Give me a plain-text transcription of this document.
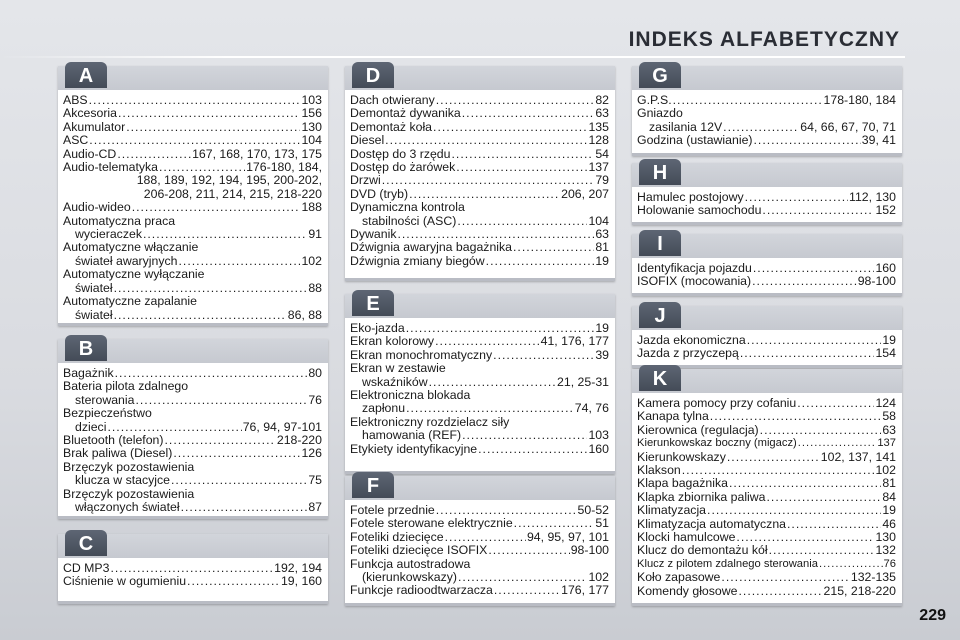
INDEKS ALFABETYCZNY
A
ABS .....	103
Akcesoria .....	156
Akumulator .....	130
ASC .....	104
Audio-CD .....	167, 168, 170, 173, 175
Audio-telematyka .....	176-180, 184,
188, 189, 192, 194, 195, 200-202,
206-208, 211, 214, 215, 218-220
Audio-wideo .....	188
Automatyczna praca
wycieraczek .....	91
Automatyczne włączanie
świateł awaryjnych .....	102
Automatyczne wyłączanie
świateł .....	88
Automatyczne zapalanie
świateł .....	86, 88
B
Bagażnik .....	80
Bateria pilota zdalnego
sterowania .....	76
Bezpieczeństwo
dzieci .....	76, 94, 97-101
Bluetooth (telefon) .....	218-220
Brak paliwa (Diesel) .....	126
Brzęczyk pozostawienia
klucza w stacyjce .....	75
Brzęczyk pozostawienia
włączonych świateł .....	87
C
CD MP3 .....	192, 194
Ciśnienie w ogumieniu .....	19, 160
D
Dach otwierany .....	82
Demontaż dywanika .....	63
Demontaż koła .....	135
Diesel .....	128
Dostęp do 3 rzędu .....	54
Dostęp do żarówek .....	137
Drzwi .....	79
DVD (tryb) .....	206, 207
Dynamiczna kontrola
stabilności (ASC) .....	104
Dywanik .....	63
Dźwignia awaryjna bagażnika .....	81
Dźwignia zmiany biegów .....	19
E
Eko-jazda .....	19
Ekran kolorowy .....	41, 176, 177
Ekran monochromatyczny .....	39
Ekran w zestawie
wskaźników .....	21, 25-31
Elektroniczna blokada
zapłonu .....	74, 76
Elektroniczny rozdzielacz siły
hamowania (REF) .....	103
Etykiety identyfikacyjne .....	160
F
Fotele przednie .....	50-52
Fotele sterowane elektrycznie .....	51
Foteliki dziecięce .....	94, 95, 97, 101
Foteliki dziecięce ISOFIX .....	98-100
Funkcja autostradowa
(kierunkowskazy) .....	102
Funkcje radioodtwarzacza .....	176, 177
G
G.P.S. .....	178-180, 184
Gniazdo
zasilania 12V .....	64, 66, 67, 70, 71
Godzina (ustawianie) .....	39, 41
H
Hamulec postojowy .....	112, 130
Holowanie samochodu .....	152
I
Identyfikacja pojazdu .....	160
ISOFIX (mocowania) .....	98-100
J
Jazda ekonomiczna .....	19
Jazda z przyczepą .....	154
K
Kamera pomocy przy cofaniu .....	124
Kanapa tylna .....	58
Kierownica (regulacja) .....	63
Kierunkowskaz boczny (migacz) .....	137
Kierunkowskazy .....	102, 137, 141
Klakson .....	102
Klapa bagażnika .....	81
Klapka zbiornika paliwa .....	84
Klimatyzacja .....	19
Klimatyzacja automatyczna .....	46
Klocki hamulcowe .....	130
Klucz do demontażu kół .....	132
Klucz z pilotem zdalnego sterowania .....	76
Koło zapasowe .....	132-135
Komendy głosowe .....	215, 218-220
229
